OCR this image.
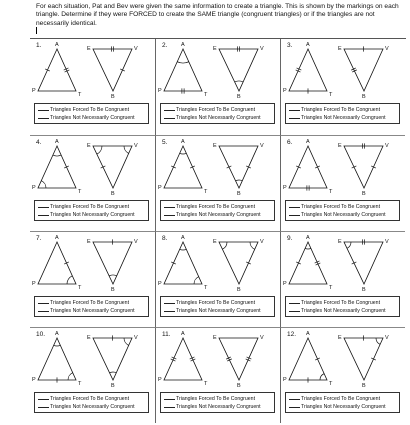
For each situation, Pat and Bev were given the same information to create a triangle. This is shown by the markings on each triangle. Determine if they were FORCED to create the SAME triangle (congruent triangles) or if the triangles are not necessarily identical.
1. A
P
T
E	V
B
Triangles Forced To Be Congruent
Triangles Not Necessarily Congruent
2. A
P
T
E	V
B
Triangles Forced To Be Congruent
Triangles Not Necessarily Congruent
3. A
P
T
E	V
B
Triangles Forced To Be Congruent
Triangles Not Necessarily Congruent
4. A
P
T
E	V
B
Triangles Forced To Be Congruent
Triangles Not Necessarily Congruent
5. A
P
T
E	V
B
Triangles Forced To Be Congruent
Triangles Not Necessarily Congruent
6. A
P
T
E	V
B
Triangles Forced To Be Congruent
Triangles Not Necessarily Congruent
7. A
P
T
E	V
B
Triangles Forced To Be Congruent
Triangles Not Necessarily Congruent
8. A
P
T
E	V
B
Triangles Forced To Be Congruent
Triangles Not Necessarily Congruent
9. A
P
T
E	V
B
Triangles Forced To Be Congruent
Triangles Not Necessarily Congruent
10. A
P
T
E	V
B
Triangles Forced To Be Congruent
Triangles Not Necessarily Congruent
11. A
P
T
E	V
B
Triangles Forced To Be Congruent
Triangles Not Necessarily Congruent
12. A
P
T
E	V
B
Triangles Forced To Be Congruent
Triangles Not Necessarily Congruent
